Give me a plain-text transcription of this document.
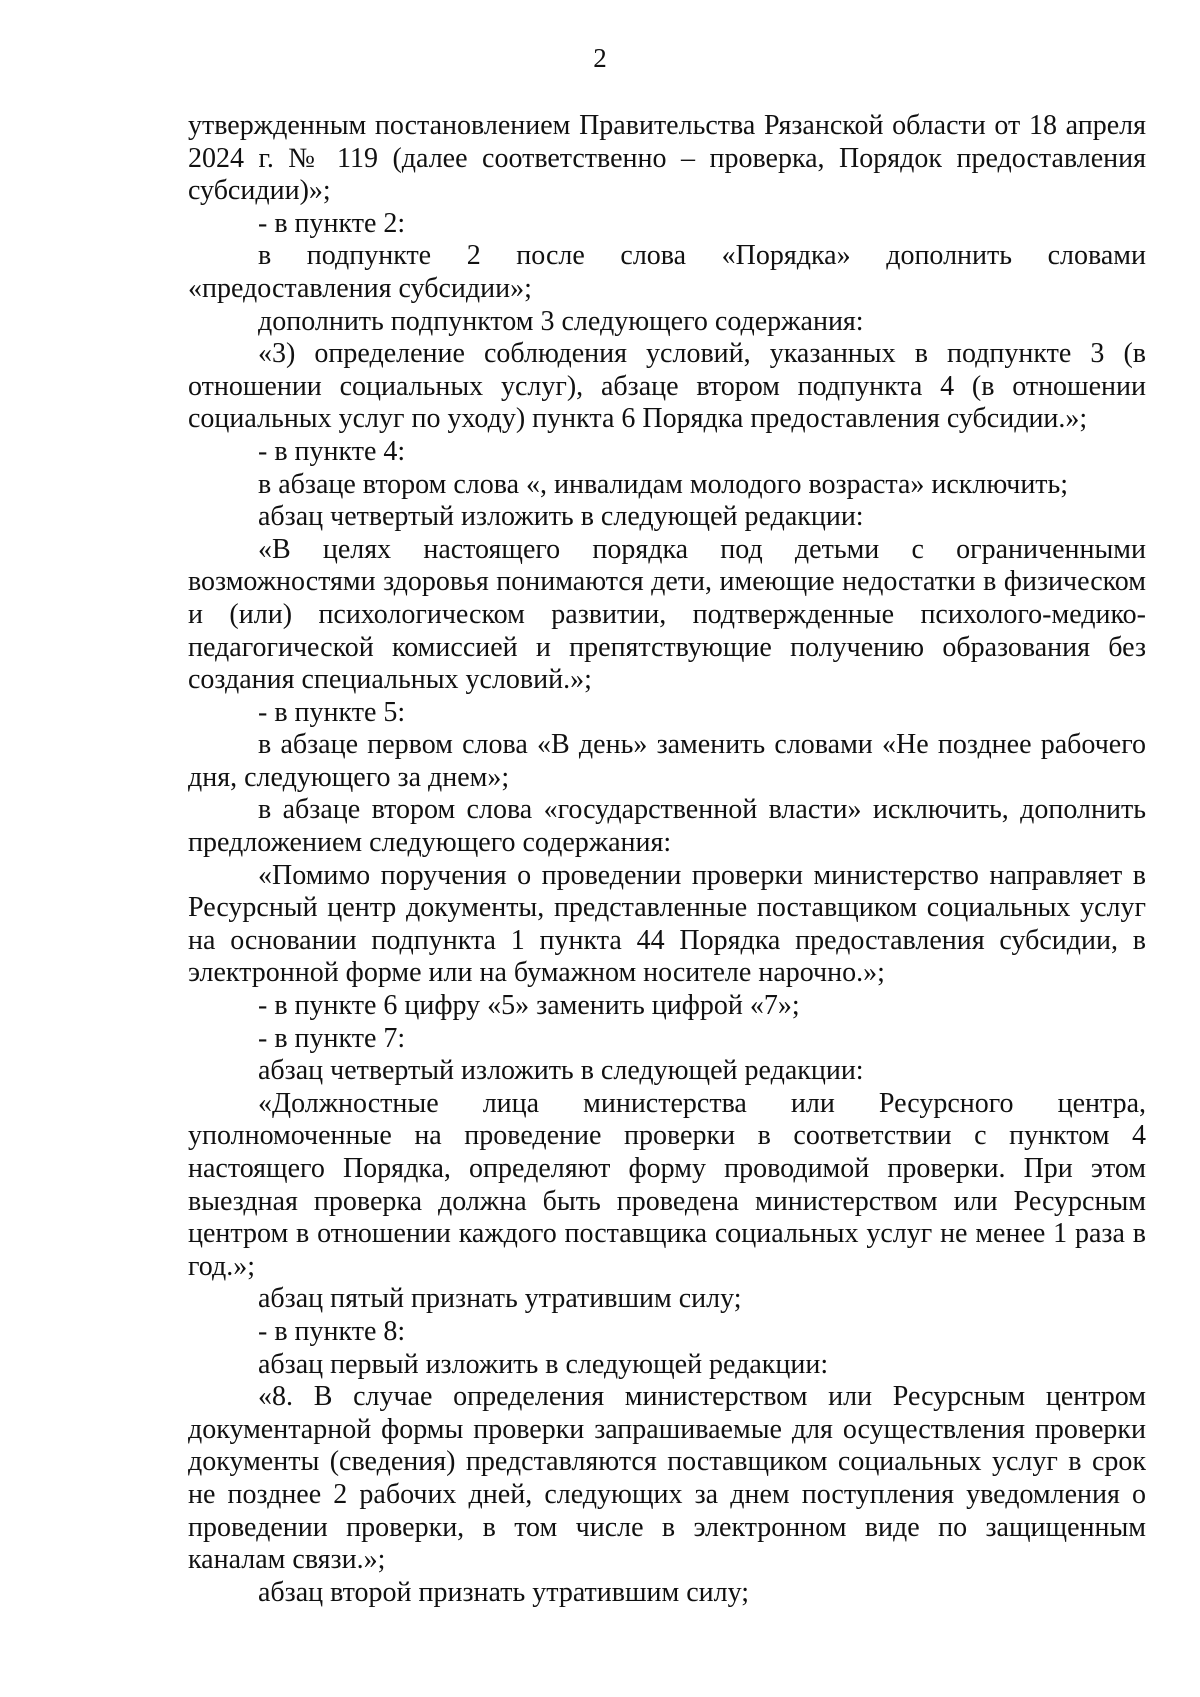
2

утвержденным постановлением Правительства Рязанской области от 18 апреля 2024 г. № 119 (далее соответственно – проверка, Порядок предоставления субсидии)»;

- в пункте 2:

в подпункте 2 после слова «Порядка» дополнить словами «предоставления субсидии»;

дополнить подпунктом 3 следующего содержания:

«3) определение соблюдения условий, указанных в подпункте 3 (в отношении социальных услуг), абзаце втором подпункта 4 (в отношении социальных услуг по уходу) пункта 6 Порядка предоставления субсидии.»;

- в пункте 4:

в абзаце втором слова «, инвалидам молодого возраста» исключить;

абзац четвертый изложить в следующей редакции:

«В целях настоящего порядка под детьми с ограниченными возможностями здоровья понимаются дети, имеющие недостатки в физическом и (или) психологическом развитии, подтвержденные психолого-медико-педагогической комиссией и препятствующие получению образования без создания специальных условий.»;

- в пункте 5:

в абзаце первом слова «В день» заменить словами «Не позднее рабочего дня, следующего за днем»;

в абзаце втором слова «государственной власти» исключить, дополнить предложением следующего содержания:

«Помимо поручения о проведении проверки министерство направляет в Ресурсный центр документы, представленные поставщиком социальных услуг на основании подпункта 1 пункта 44 Порядка предоставления субсидии, в электронной форме или на бумажном носителе нарочно.»;

- в пункте 6 цифру «5» заменить цифрой «7»;

- в пункте 7:

абзац четвертый изложить в следующей редакции:

«Должностные лица министерства или Ресурсного центра, уполномоченные на проведение проверки в соответствии с пунктом 4 настоящего Порядка, определяют форму проводимой проверки. При этом выездная проверка должна быть проведена министерством или Ресурсным центром в отношении каждого поставщика социальных услуг не менее 1 раза в год.»;

абзац пятый признать утратившим силу;

- в пункте 8:

абзац первый изложить в следующей редакции:

«8. В случае определения министерством или Ресурсным центром документарной формы проверки запрашиваемые для осуществления проверки документы (сведения) представляются поставщиком социальных услуг в срок не позднее 2 рабочих дней, следующих за днем поступления уведомления о проведении проверки, в том числе в электронном виде по защищенным каналам связи.»;

абзац второй признать утратившим силу;
